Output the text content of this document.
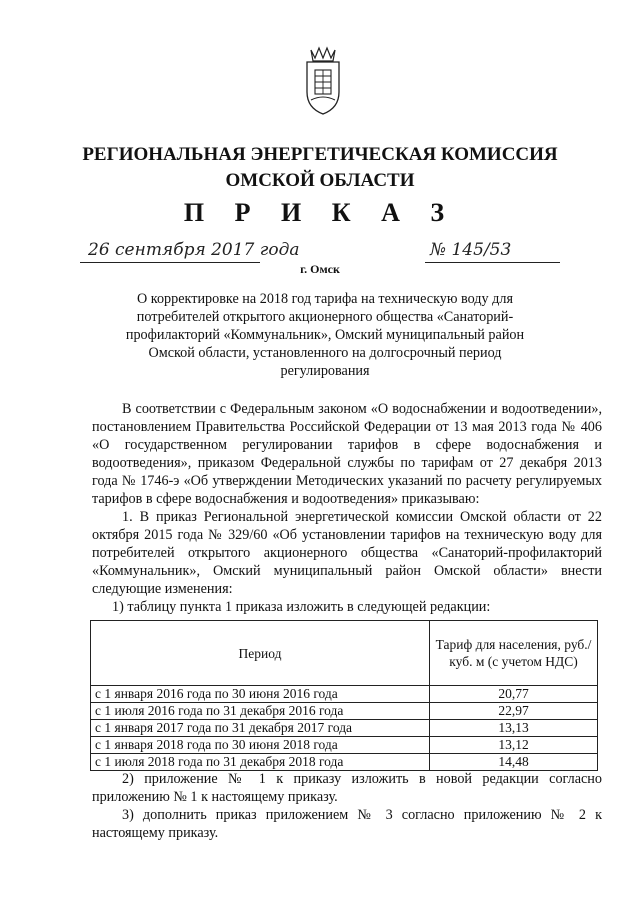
РЕГИОНАЛЬНАЯ ЭНЕРГЕТИЧЕСКАЯ КОМИССИЯ
ОМСКОЙ ОБЛАСТИ
П Р И К А З
26 сентября 2017 года	№ 145/53
г. Омск
О корректировке на 2018 год тарифа на техническую воду для потребителей открытого акционерного общества «Санаторий-профилакторий «Коммунальник», Омский муниципальный район Омской области, установленного на долгосрочный период регулирования

В соответствии с Федеральным законом «О водоснабжении и водоотведении», постановлением Правительства Российской Федерации от 13 мая 2013 года № 406 «О государственном регулировании тарифов в сфере водоснабжения и водоотведения», приказом Федеральной службы по тарифам от 27 декабря 2013 года № 1746-э «Об утверждении Методических указаний по расчету регулируемых тарифов в сфере водоснабжения и водоотведения» приказываю:

1. В приказ Региональной энергетической комиссии Омской области от 22 октября 2015 года № 329/60 «Об установлении тарифов на техническую воду для потребителей открытого акционерного общества «Санаторий-профилакторий «Коммунальник», Омский муниципальный район Омской области» внести следующие изменения:

1) таблицу пункта 1 приказа изложить в следующей редакции:

Период	Тариф для населения, руб./куб. м (с учетом НДС)
с 1 января 2016 года по 30 июня 2016 года	20,77
с 1 июля 2016 года по 31 декабря 2016 года	22,97
с 1 января 2017 года по 31 декабря 2017 года	13,13
с 1 января 2018 года по 30 июня 2018 года	13,12
с 1 июля 2018 года по 31 декабря 2018 года	14,48

2) приложение № 1 к приказу изложить в новой редакции согласно приложению № 1 к настоящему приказу.

3) дополнить приказ приложением № 3 согласно приложению № 2 к настоящему приказу.
